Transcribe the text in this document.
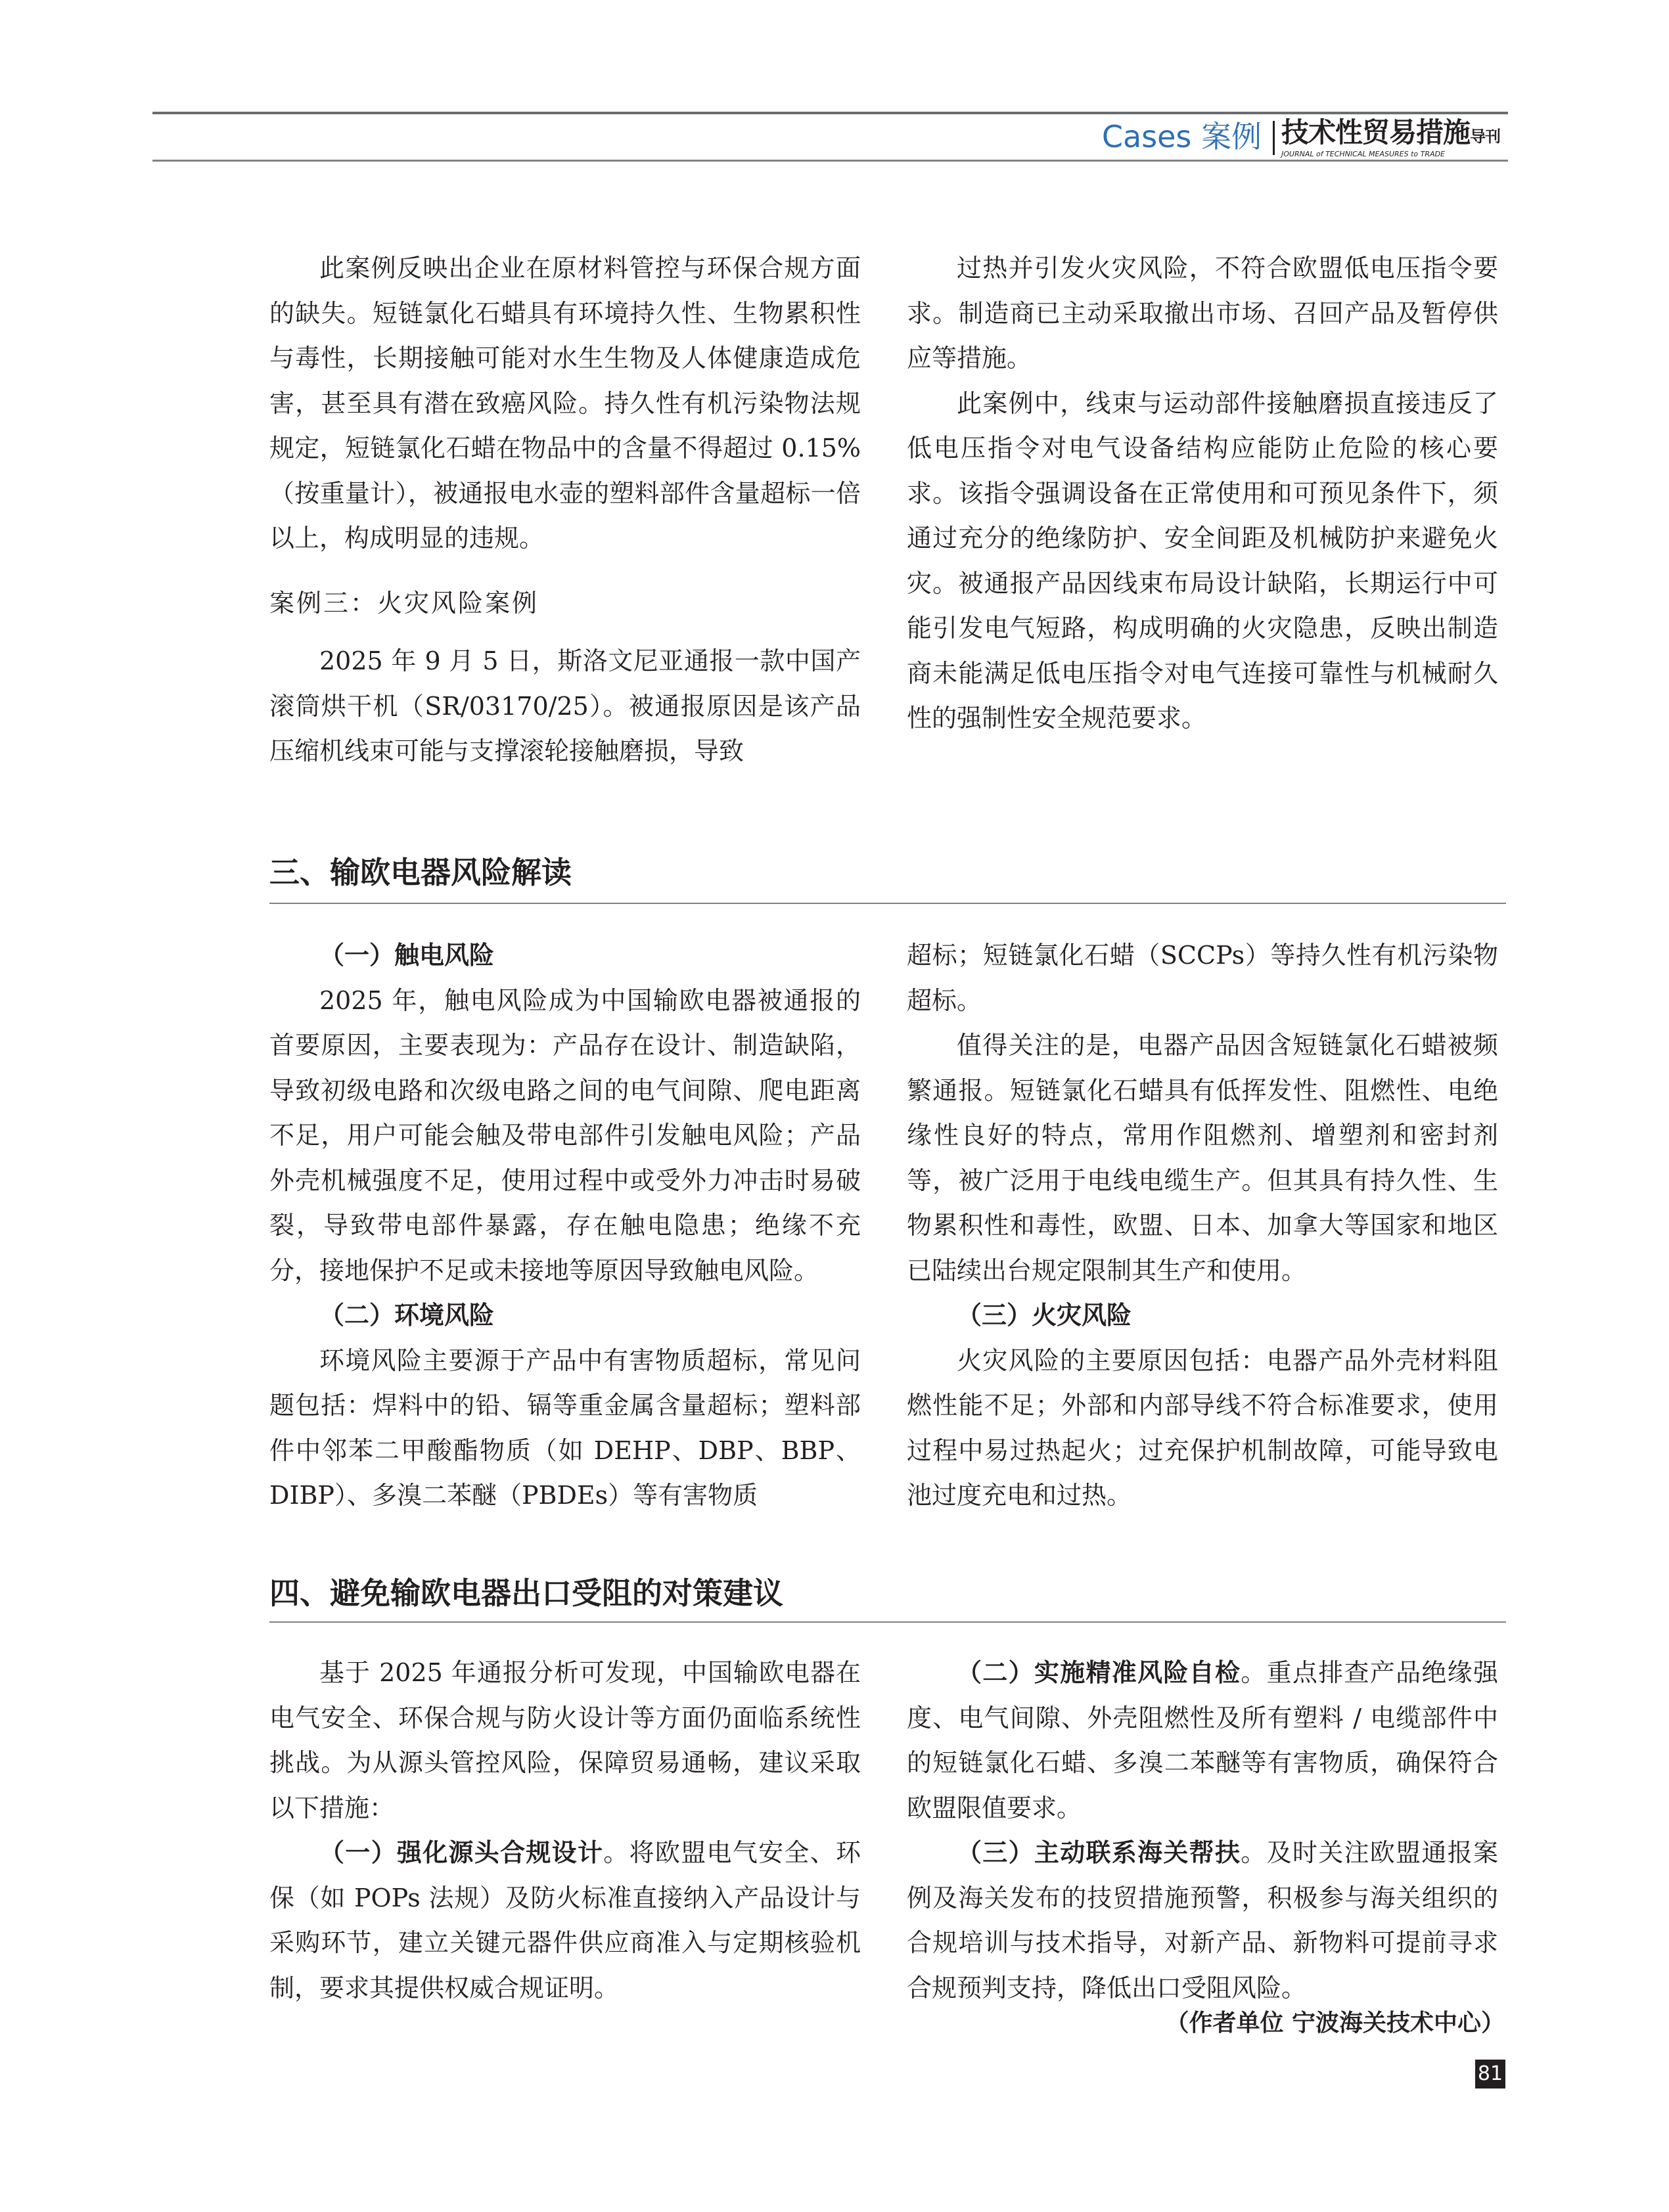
Cases 案例 技术性贸易措施导刊
JOURNAL of TECHNICAL MEASURES to TRADE

此案例反映出企业在原材料管控与环保合规方面的缺失。短链氯化石蜡具有环境持久性、生物累积性与毒性，长期接触可能对水生生物及人体健康造成危害，甚至具有潜在致癌风险。持久性有机污染物法规规定，短链氯化石蜡在物品中的含量不得超过 0.15%（按重量计），被通报电水壶的塑料部件含量超标一倍以上，构成明显的违规。

案例三：火灾风险案例

2025 年 9 月 5 日，斯洛文尼亚通报一款中国产滚筒烘干机（SR/03170/25）。被通报原因是该产品压缩机线束可能与支撑滚轮接触磨损，导致

过热并引发火灾风险，不符合欧盟低电压指令要求。制造商已主动采取撤出市场、召回产品及暂停供应等措施。

此案例中，线束与运动部件接触磨损直接违反了低电压指令对电气设备结构应能防止危险的核心要求。该指令强调设备在正常使用和可预见条件下，须通过充分的绝缘防护、安全间距及机械防护来避免火灾。被通报产品因线束布局设计缺陷，长期运行中可能引发电气短路，构成明确的火灾隐患，反映出制造商未能满足低电压指令对电气连接可靠性与机械耐久性的强制性安全规范要求。

三、输欧电器风险解读

（一）触电风险

2025 年，触电风险成为中国输欧电器被通报的首要原因，主要表现为：产品存在设计、制造缺陷，导致初级电路和次级电路之间的电气间隙、爬电距离不足，用户可能会触及带电部件引发触电风险；产品外壳机械强度不足，使用过程中或受外力冲击时易破裂，导致带电部件暴露，存在触电隐患；绝缘不充分，接地保护不足或未接地等原因导致触电风险。

（二）环境风险

环境风险主要源于产品中有害物质超标，常见问题包括：焊料中的铅、镉等重金属含量超标；塑料部件中邻苯二甲酸酯物质（如 DEHP、DBP、BBP、DIBP）、多溴二苯醚（PBDEs）等有害物质

超标；短链氯化石蜡（SCCPs）等持久性有机污染物超标。

值得关注的是，电器产品因含短链氯化石蜡被频繁通报。短链氯化石蜡具有低挥发性、阻燃性、电绝缘性良好的特点，常用作阻燃剂、增塑剂和密封剂等，被广泛用于电线电缆生产。但其具有持久性、生物累积性和毒性，欧盟、日本、加拿大等国家和地区已陆续出台规定限制其生产和使用。

（三）火灾风险

火灾风险的主要原因包括：电器产品外壳材料阻燃性能不足；外部和内部导线不符合标准要求，使用过程中易过热起火；过充保护机制故障，可能导致电池过度充电和过热。

四、避免输欧电器出口受阻的对策建议

基于 2025 年通报分析可发现，中国输欧电器在电气安全、环保合规与防火设计等方面仍面临系统性挑战。为从源头管控风险，保障贸易通畅，建议采取以下措施：

（一）强化源头合规设计。将欧盟电气安全、环保（如 POPs 法规）及防火标准直接纳入产品设计与采购环节，建立关键元器件供应商准入与定期核验机制，要求其提供权威合规证明。

（二）实施精准风险自检。重点排查产品绝缘强度、电气间隙、外壳阻燃性及所有塑料 / 电缆部件中的短链氯化石蜡、多溴二苯醚等有害物质，确保符合欧盟限值要求。

（三）主动联系海关帮扶。及时关注欧盟通报案例及海关发布的技贸措施预警，积极参与海关组织的合规培训与技术指导，对新产品、新物料可提前寻求合规预判支持，降低出口受阻风险。

（作者单位 宁波海关技术中心）
81
